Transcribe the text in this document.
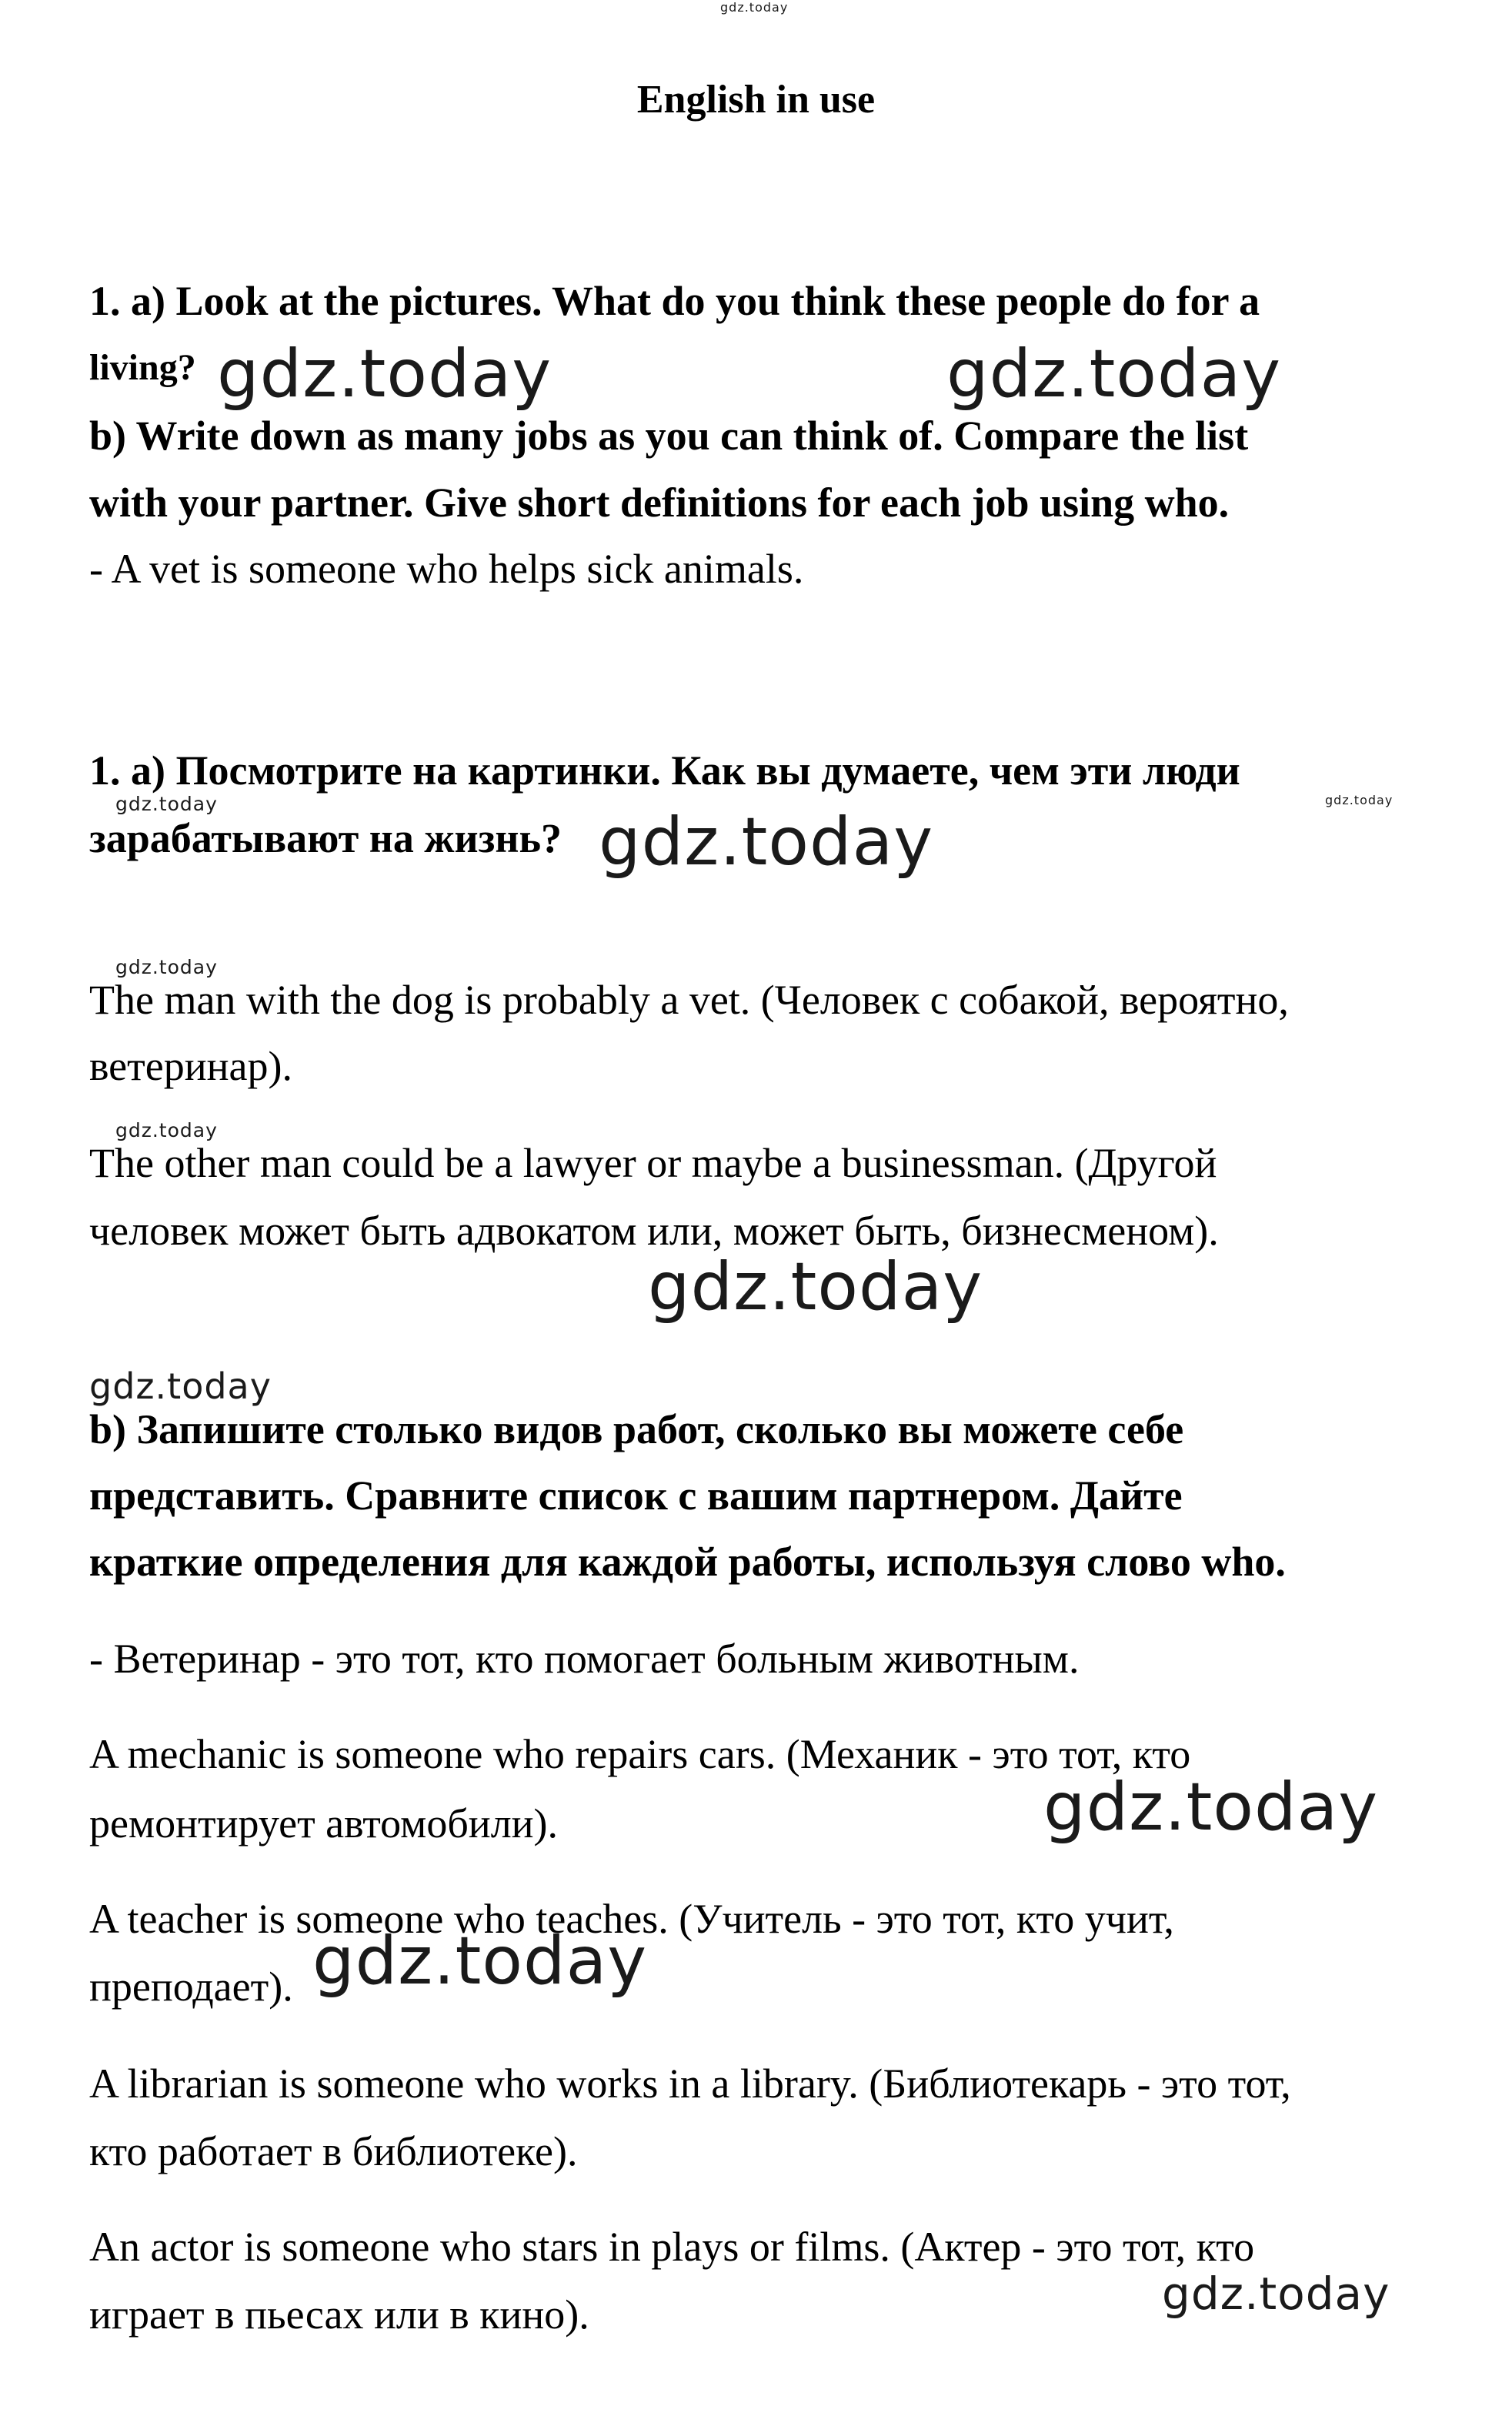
gdz.today
English in use

1. a) Look at the pictures. What do you think these people do for a

living? gdz.today	gdz.today

b) Write down as many jobs as you can think of. Compare the list

with your partner. Give short definitions for each job using who.

- A vet is someone who helps sick animals.

1. а) Посмотрите на картинки. Как вы думаете, чем эти люди

gdz.today	gdz.today

зарабатывают на жизнь? gdz.today
gdz.today

The man with the dog is probably a vet. (Человек с собакой, вероятно,

ветеринар).

gdz.today

The other man could be a lawyer or maybe a businessman. (Другой

человек может быть адвокатом или, может быть, бизнесменом).

gdz.today
gdz.today

b) Запишите столько видов работ, сколько вы можете себе

представить. Сравните список с вашим партнером. Дайте

краткие определения для каждой работы, используя слово who.

- Ветеринар - это тот, кто помогает больным животным.

A mechanic is someone who repairs cars. (Механик - это тот, кто

ремонтирует автомобили).	gdz.today

A teacher is someone who teaches. (Учитель - это тот, кто учит,

преподает). gdz.today

A librarian is someone who works in a library. (Библиотекарь - это тот,

кто работает в библиотеке).

An actor is someone who stars in plays or films. (Актер - это тот, кто

gdz.today

играет в пьесах или в кино).
